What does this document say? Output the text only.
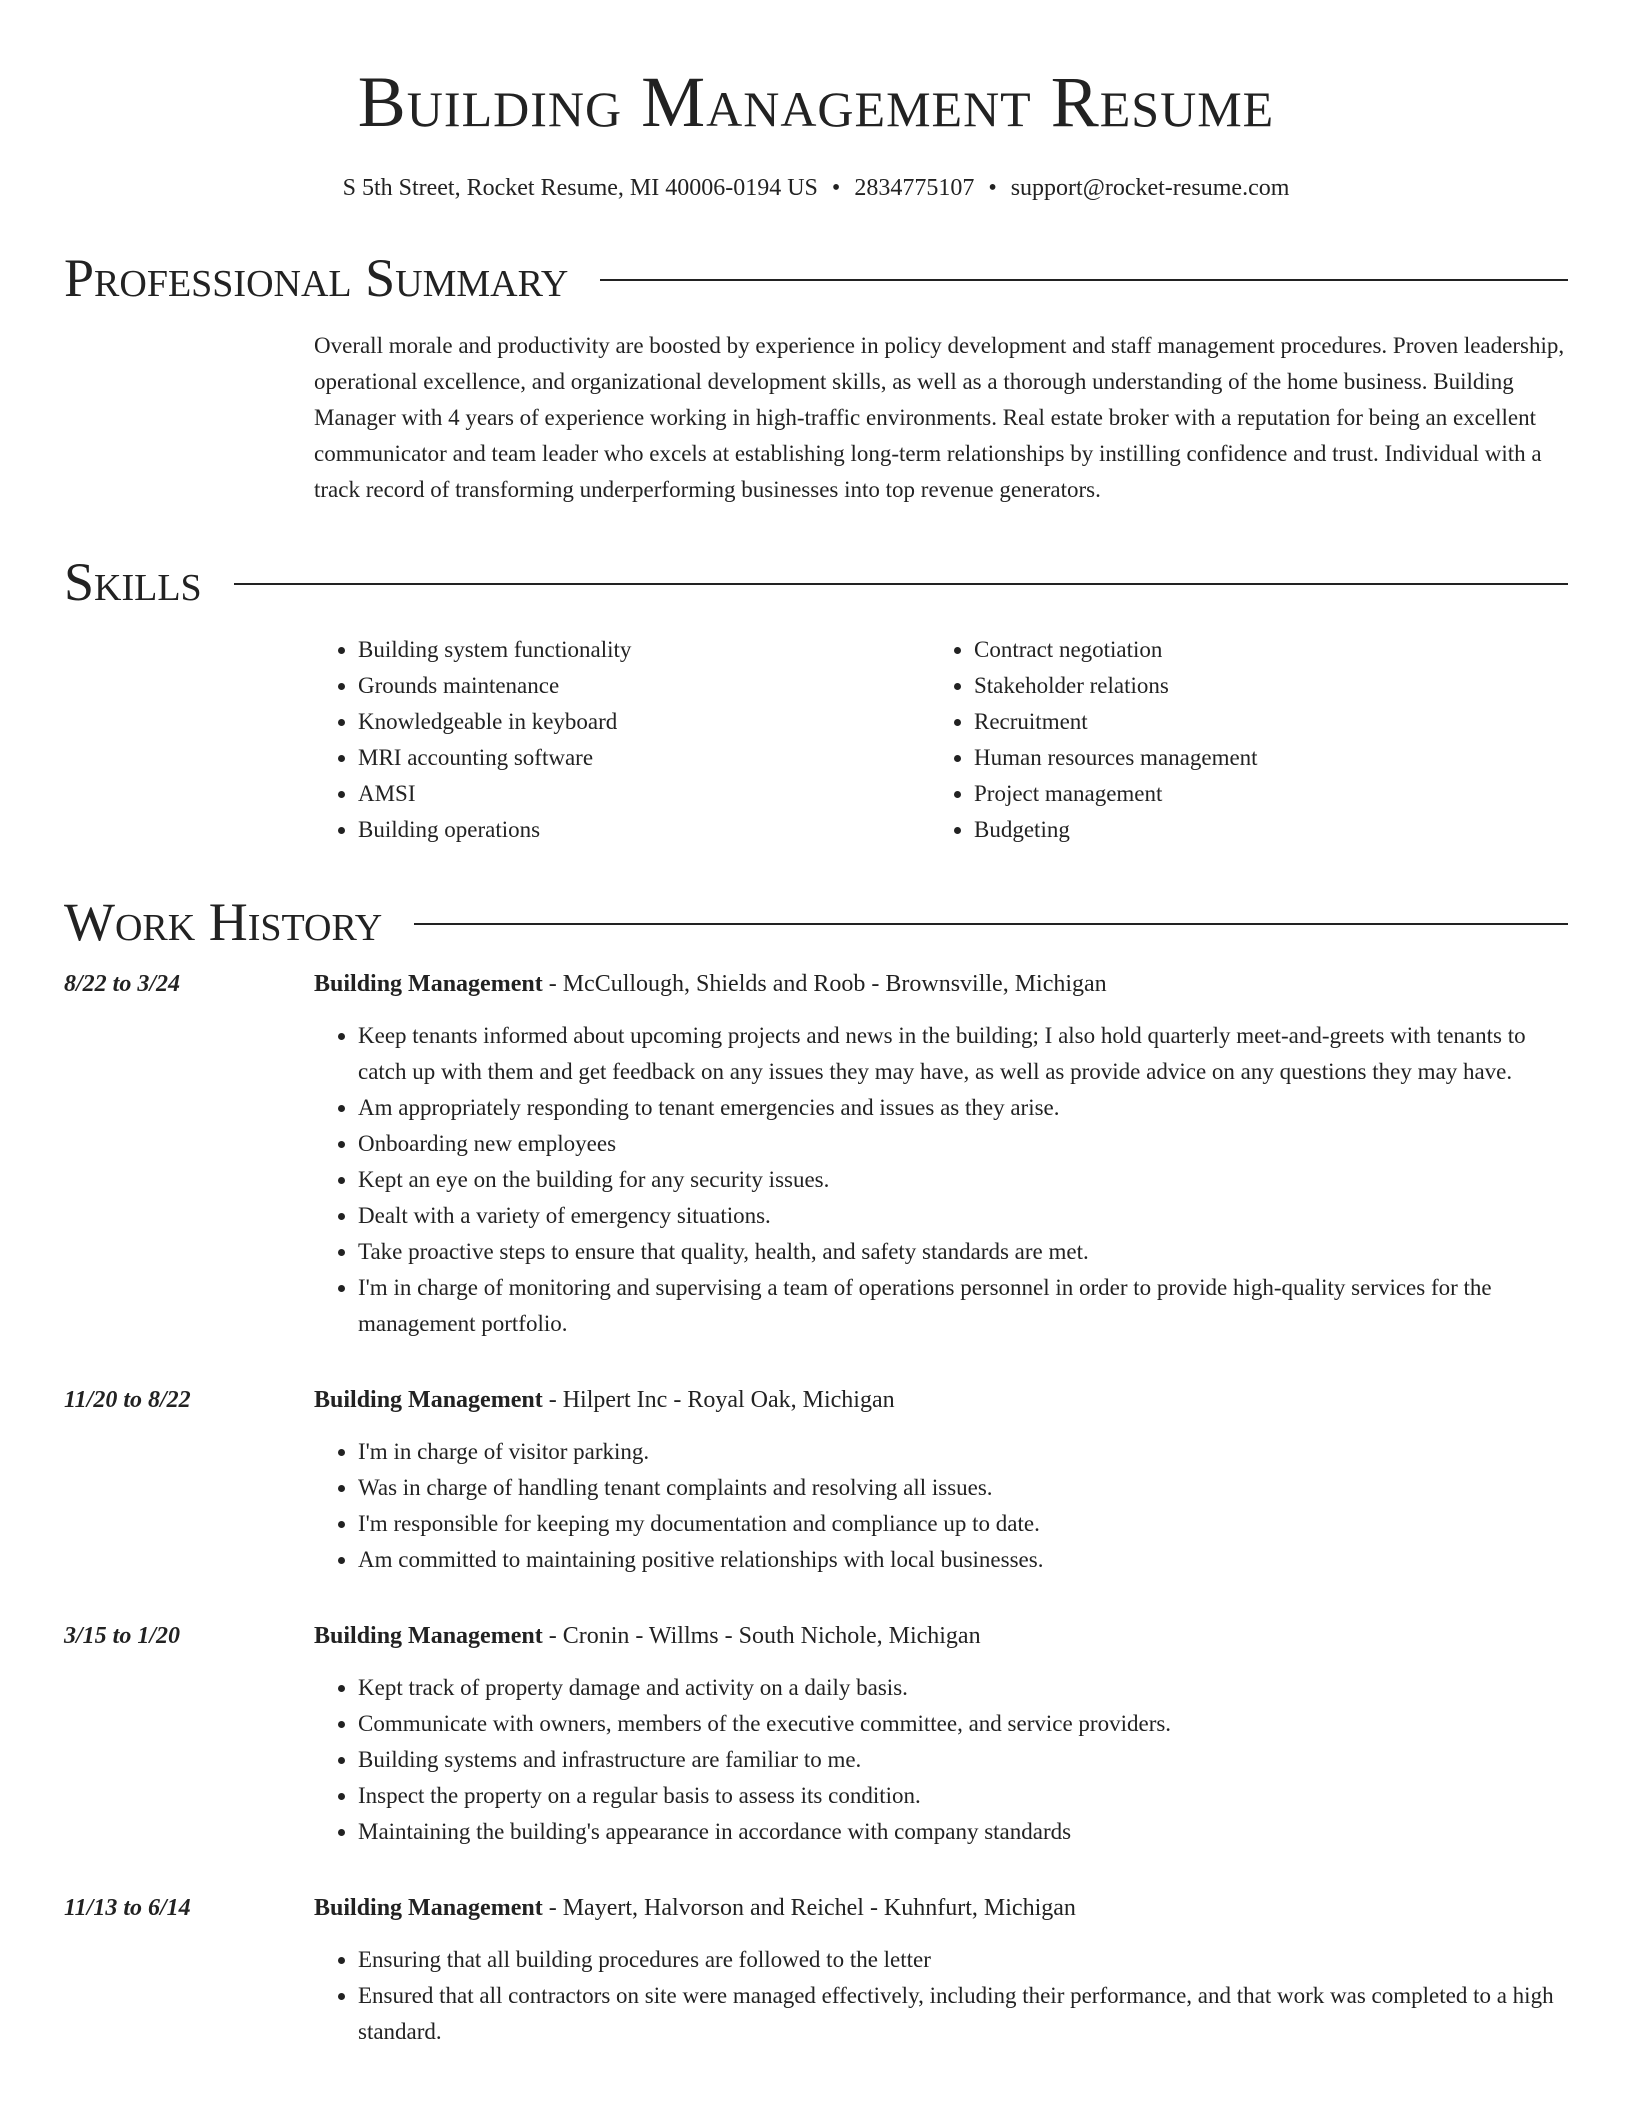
Building Management Resume
S 5th Street, Rocket Resume, MI 40006-0194 US • 2834775107 • support@rocket-resume.com
Professional Summary
Overall morale and productivity are boosted by experience in policy development and staff management procedures. Proven leadership, operational excellence, and organizational development skills, as well as a thorough understanding of the home business. Building Manager with 4 years of experience working in high-traffic environments. Real estate broker with a reputation for being an excellent communicator and team leader who excels at establishing long-term relationships by instilling confidence and trust. Individual with a track record of transforming underperforming businesses into top revenue generators.
Skills
• Building system functionality
• Grounds maintenance
• Knowledgeable in keyboard
• MRI accounting software
• AMSI
• Building operations
• Contract negotiation
• Stakeholder relations
• Recruitment
• Human resources management
• Project management
• Budgeting
Work History
8/22 to 3/24	Building Management - McCullough, Shields and Roob - Brownsville, Michigan
• Keep tenants informed about upcoming projects and news in the building; I also hold quarterly meet-and-greets with tenants to catch up with them and get feedback on any issues they may have, as well as provide advice on any questions they may have.
• Am appropriately responding to tenant emergencies and issues as they arise.
• Onboarding new employees
• Kept an eye on the building for any security issues.
• Dealt with a variety of emergency situations.
• Take proactive steps to ensure that quality, health, and safety standards are met.
• I'm in charge of monitoring and supervising a team of operations personnel in order to provide high-quality services for the management portfolio.
11/20 to 8/22	Building Management - Hilpert Inc - Royal Oak, Michigan
• I'm in charge of visitor parking.
• Was in charge of handling tenant complaints and resolving all issues.
• I'm responsible for keeping my documentation and compliance up to date.
• Am committed to maintaining positive relationships with local businesses.
3/15 to 1/20	Building Management - Cronin - Willms - South Nichole, Michigan
• Kept track of property damage and activity on a daily basis.
• Communicate with owners, members of the executive committee, and service providers.
• Building systems and infrastructure are familiar to me.
• Inspect the property on a regular basis to assess its condition.
• Maintaining the building's appearance in accordance with company standards
11/13 to 6/14	Building Management - Mayert, Halvorson and Reichel - Kuhnfurt, Michigan
• Ensuring that all building procedures are followed to the letter
• Ensured that all contractors on site were managed effectively, including their performance, and that work was completed to a high standard.
